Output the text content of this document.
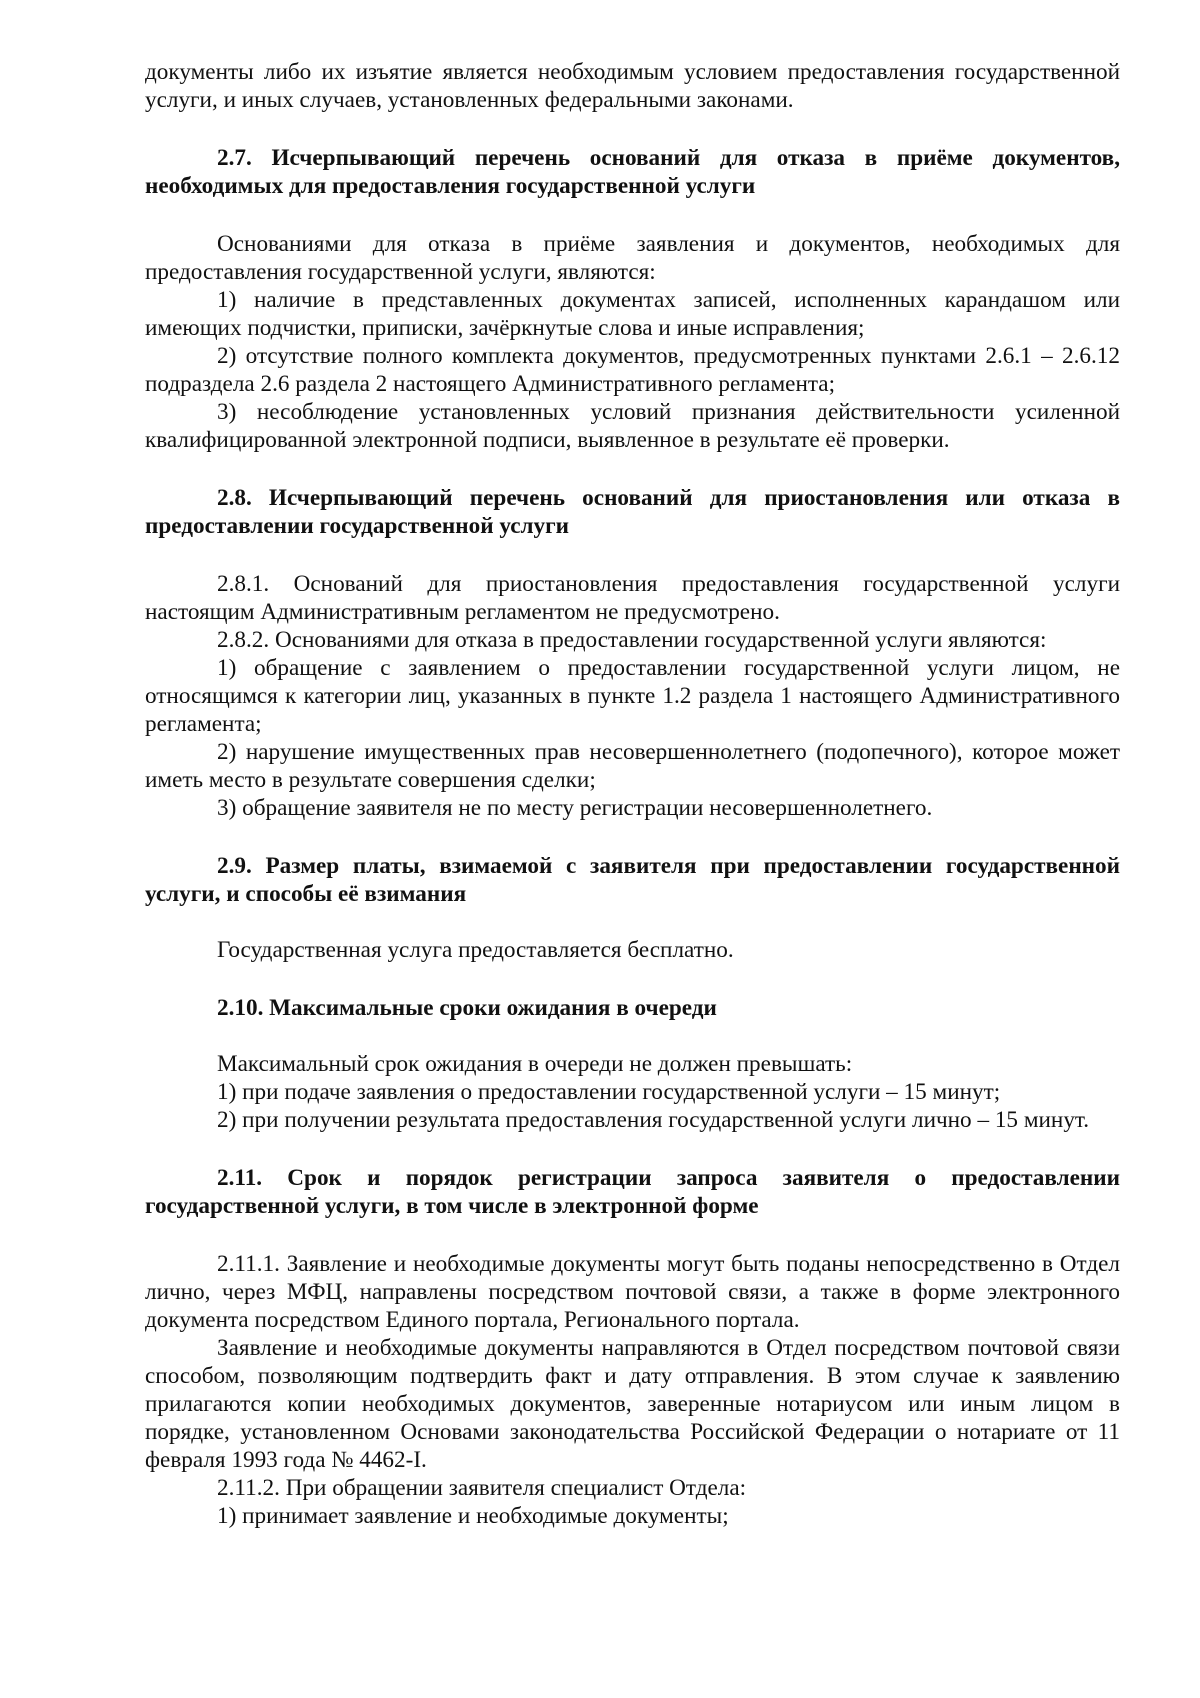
документы либо их изъятие является необходимым условием предоставления государственной услуги, и иных случаев, установленных федеральными законами.

2.7. Исчерпывающий перечень оснований для отказа в приёме документов, необходимых для предоставления государственной услуги

Основаниями для отказа в приёме заявления и документов, необходимых для предоставления государственной услуги, являются:

1) наличие в представленных документах записей, исполненных карандашом или имеющих подчистки, приписки, зачёркнутые слова и иные исправления;

2) отсутствие полного комплекта документов, предусмотренных пунктами 2.6.1 – 2.6.12 подраздела 2.6 раздела 2 настоящего Административного регламента;

3) несоблюдение установленных условий признания действительности усиленной квалифицированной электронной подписи, выявленное в результате её проверки.

2.8. Исчерпывающий перечень оснований для приостановления или отказа в предоставлении государственной услуги

2.8.1. Оснований для приостановления предоставления государственной услуги настоящим Административным регламентом не предусмотрено.

2.8.2. Основаниями для отказа в предоставлении государственной услуги являются:

1) обращение с заявлением о предоставлении государственной услуги лицом, не относящимся к категории лиц, указанных в пункте 1.2 раздела 1 настоящего Административного регламента;

2) нарушение имущественных прав несовершеннолетнего (подопечного), которое может иметь место в результате совершения сделки;

3) обращение заявителя не по месту регистрации несовершеннолетнего.

2.9. Размер платы, взимаемой с заявителя при предоставлении государственной услуги, и способы её взимания

Государственная услуга предоставляется бесплатно.

2.10. Максимальные сроки ожидания в очереди

Максимальный срок ожидания в очереди не должен превышать:

1) при подаче заявления о предоставлении государственной услуги – 15 минут;

2) при получении результата предоставления государственной услуги лично – 15 минут.

2.11. Срок и порядок регистрации запроса заявителя о предоставлении государственной услуги, в том числе в электронной форме

2.11.1. Заявление и необходимые документы могут быть поданы непосредственно в Отдел лично, через МФЦ, направлены посредством почтовой связи, а также в форме электронного документа посредством Единого портала, Регионального портала.

Заявление и необходимые документы направляются в Отдел посредством почтовой связи способом, позволяющим подтвердить факт и дату отправления. В этом случае к заявлению прилагаются копии необходимых документов, заверенные нотариусом или иным лицом в порядке, установленном Основами законодательства Российской Федерации о нотариате от 11 февраля 1993 года № 4462-I.

2.11.2. При обращении заявителя специалист Отдела:

1) принимает заявление и необходимые документы;
